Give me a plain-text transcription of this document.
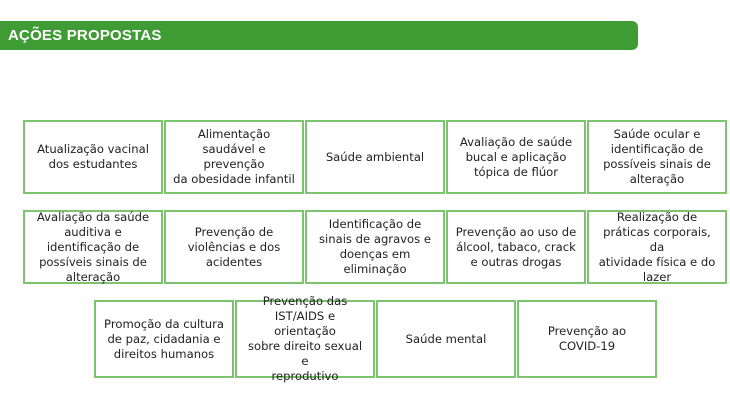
AÇÕES PROPOSTAS
Atualização vacinal
dos estudantes
Alimentação
saudável e prevenção
da obesidade infantil
Saúde ambiental
Avaliação de saúde
bucal e aplicação
tópica de flúor
Saúde ocular e
identificação de
possíveis sinais de
alteração
Avaliação da saúde
auditiva e
identificação de
possíveis sinais de
alteração
Prevenção de
violências e dos
acidentes
Identificação de
sinais de agravos e
doenças em
eliminação
Prevenção ao uso de
álcool, tabaco, crack
e outras drogas
Realização de
práticas corporais, da
atividade física e do
lazer
Promoção da cultura
de paz, cidadania e
direitos humanos
Prevenção das
IST/AIDS e orientação
sobre direito sexual e
reprodutivo
Saúde mental
Prevenção ao
COVID-19
